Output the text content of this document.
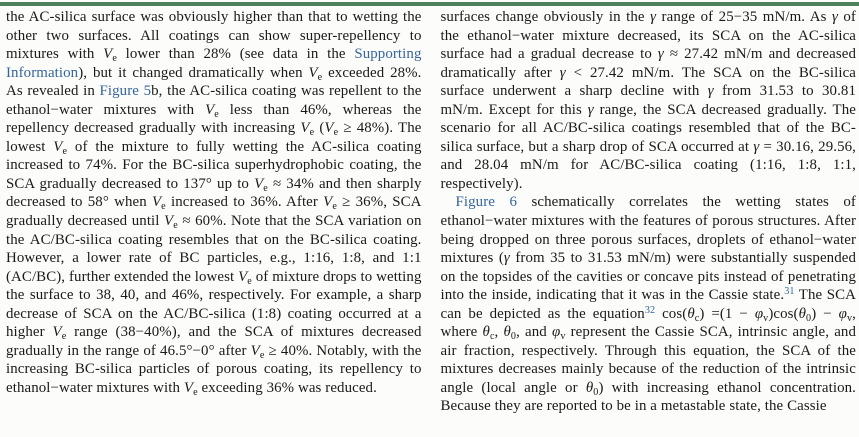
the AC-silica surface was obviously higher than that to wetting the other two surfaces. All coatings can show super-repellency to mixtures with $V_e$ lower than 28% (see data in the Supporting Information), but it changed dramatically when $V_e$ exceeded 28%. As revealed in Figure 5b, the AC-silica coating was repellent to the ethanol−water mixtures with $V_e$ less than 46%, whereas the repellency decreased gradually with increasing $V_e$ $(V_e \ge 48\%)$. The lowest $V_e$ of the mixture to fully wetting the AC-silica coating increased to 74%. For the BC-silica superhydrophobic coating, the SCA gradually decreased to 137° up to $V_e \approx 34\%$ and then sharply decreased to 58° when $V_e$ increased to 36%. After $V_e \ge 36\%$, SCA gradually decreased until $V_e \approx 60\%$. Note that the SCA variation on the AC/BC-silica coating resembles that on the BC-silica coating. However, a lower rate of BC particles, e.g., 1:16, 1:8, and 1:1 (AC/BC), further extended the lowest $V_e$ of mixture drops to wetting the surface to 38, 40, and 46%, respectively. For example, a sharp decrease of SCA on the AC/BC-silica (1:8) coating occurred at a higher $V_e$ range (38−40%), and the SCA of mixtures decreased gradually in the range of 46.5°−0° after $V_e \ge 40\%$. Notably, with the increasing BC-silica particles of porous coating, its repellency to ethanol−water mixtures with $V_e$ exceeding 36% was reduced.

surfaces change obviously in the γ range of 25−35 mN/m. As γ of the ethanol−water mixture decreased, its SCA on the AC-silica surface had a gradual decrease to γ ≈ 27.42 mN/m and decreased dramatically after γ < 27.42 mN/m. The SCA on the BC-silica surface underwent a sharp decline with γ from 31.53 to 30.81 mN/m. Except for this γ range, the SCA decreased gradually. The scenario for all AC/BC-silica coatings resembled that of the BC-silica surface, but a sharp drop of SCA occurred at γ = 30.16, 29.56, and 28.04 mN/m for AC/BC-silica coating (1:16, 1:8, 1:1, respectively).

Figure 6 schematically correlates the wetting states of ethanol−water mixtures with the features of porous structures. After being dropped on three porous surfaces, droplets of ethanol−water mixtures (γ from 35 to 31.53 mN/m) were substantially suspended on the topsides of the cavities or concave pits instead of penetrating into the inside, indicating that it was in the Cassie state.$^{31}$ The SCA can be depicted as the equation$^{32}$ $\cos(\theta_c) =(1 - \varphi_v)\cos(\theta_0) - \varphi_v$, where $\theta_c$, $\theta_0$, and $\varphi_v$ represent the Cassie SCA, intrinsic angle, and air fraction, respectively. Through this equation, the SCA of the mixtures decreases mainly because of the reduction of the intrinsic angle (local angle or $\theta_0$) with increasing ethanol concentration. Because they are reported to be in a metastable state, the Cassie
